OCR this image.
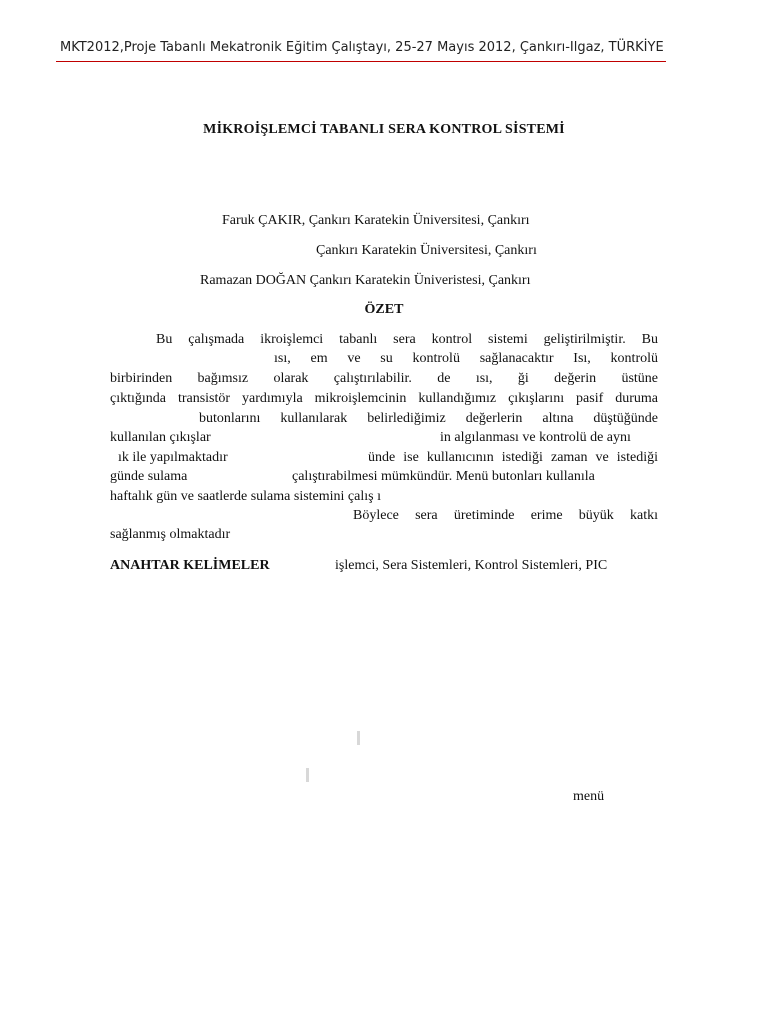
MKT2012,Proje Tabanlı Mekatronik Eğitim Çalıştayı, 25-27 Mayıs 2012, Çankırı-Ilgaz, TÜRKİYE
MİKROİŞLEMCİ TABANLI SERA KONTROL SİSTEMİ
Faruk ÇAKIR, Çankırı Karatekin Üniversitesi, Çankırı
Çankırı Karatekin Üniversitesi, Çankırı
Ramazan DOĞAN Çankırı Karatekin Üniveristesi, Çankırı
ÖZET
Bu çalışmada ikroişlemci tabanlı sera kontrol sistemi geliştirilmiştir. Bu
ısı, em ve su kontrolü sağlanacaktır Isı, kontrolü
birbirinden bağımsız olarak çalıştırılabilir. de ısı, ği değerin üstüne
çıktığında transistör yardımıyla mikroişlemcinin kullandığımız çıkışlarını pasif duruma
butonlarını kullanılarak belirlediğimiz değerlerin altına düştüğünde
kullanılan çıkışlar	in algılanması ve kontrolü de aynı
ık ile yapılmaktadır	ünde ise kullanıcının istediği zaman ve istediği
günde sulama	çalıştırabilmesi mümkündür. Menü butonları kullanıla
haftalık gün ve saatlerde sulama sistemini çalış ı
Böylece sera üretiminde erime büyük katkı
sağlanmış olmaktadır
ANAHTAR KELİMELER	işlemci, Sera Sistemleri, Kontrol Sistemleri, PIC
menü
